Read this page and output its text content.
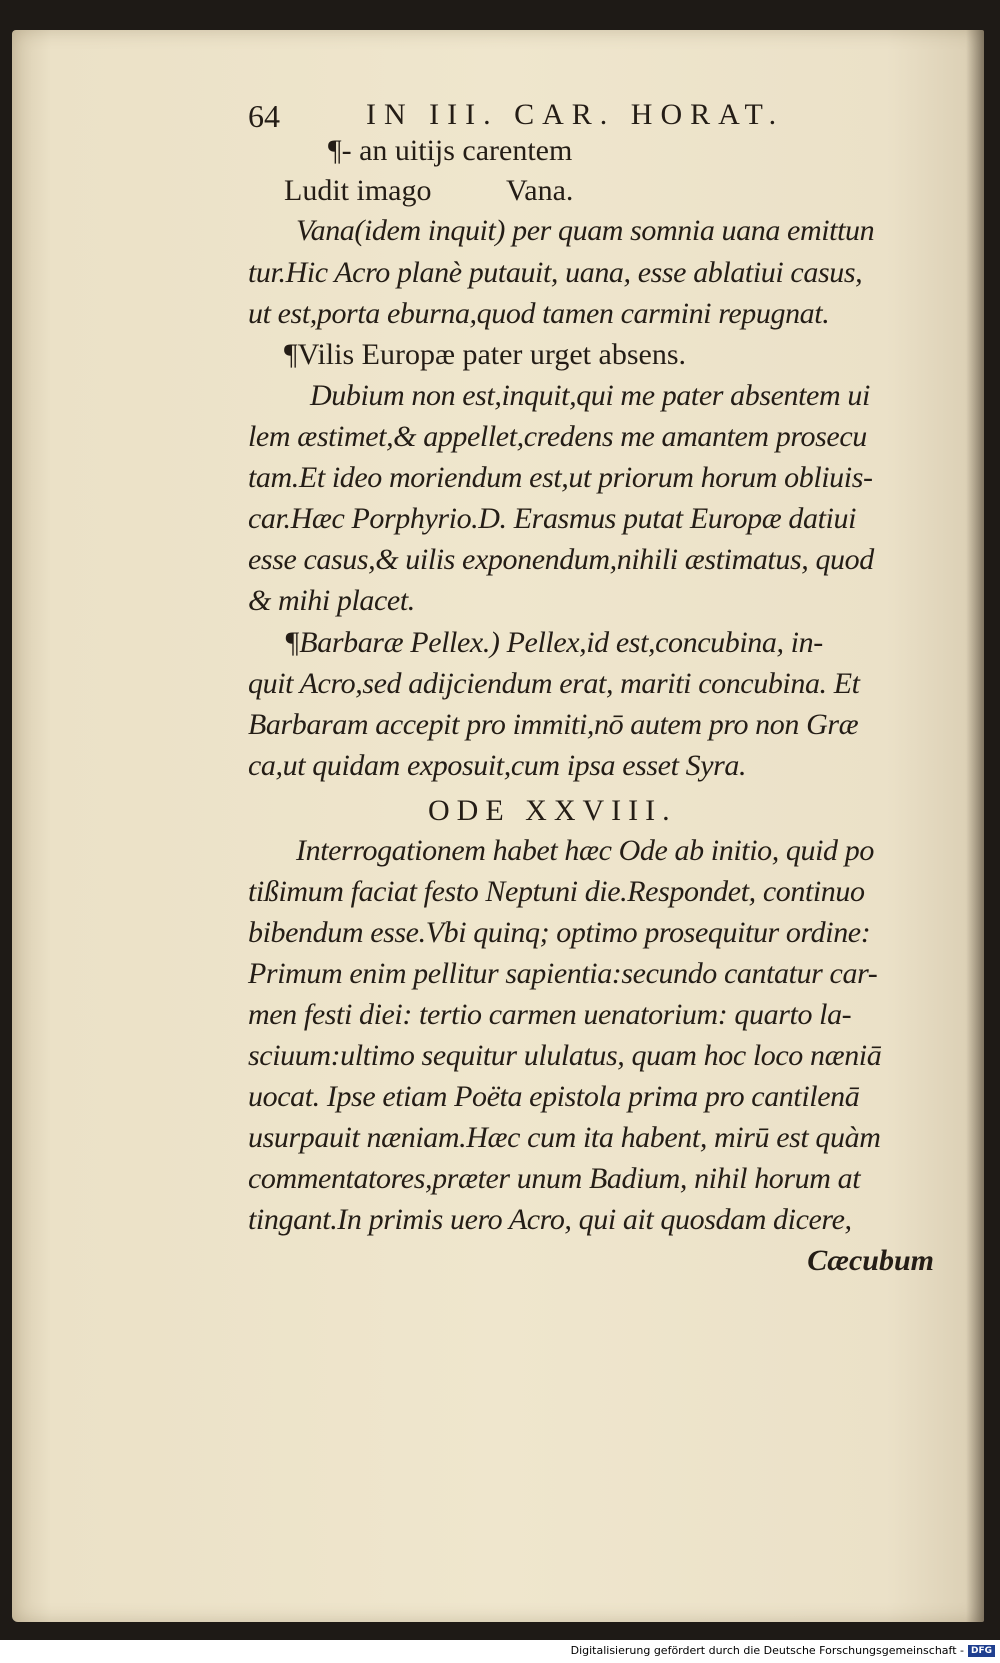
64	IN III. CAR. HORAT.
¶- an uitijs carentem
Ludit imago          Vana.
Vana(idem inquit) per quam somnia uana emittun
tur.Hic Acro planè putauit, uana, esse ablatiui casus,
ut est,porta eburna,quod tamen carmini repugnat.
¶Vilis Europæ pater urget absens.
Dubium non est,inquit,qui me pater absentem ui
lem æstimet,& appellet,credens me amantem prosecu
tam.Et ideo moriendum est,ut priorum horum obliuis-
car.Hæc Porphyrio.D. Erasmus putat Europæ datiui
esse casus,& uilis exponendum,nihili æstimatus, quod
& mihi placet.
¶Barbaræ Pellex.) Pellex,id est,concubina, in-
quit Acro,sed adijciendum erat, mariti concubina. Et
Barbaram accepit pro immiti,nō autem pro non Græ
ca,ut quidam exposuit,cum ipsa esset Syra.
ODE XXVIII.
Interrogationem habet hæc Ode ab initio, quid po
tißimum faciat festo Neptuni die.Respondet, continuo
bibendum esse.Vbi quinq; optimo prosequitur ordine:
Primum enim pellitur sapientia:secundo cantatur car-
men festi diei: tertio carmen uenatorium: quarto la-
sciuum:ultimo sequitur ululatus, quam hoc loco næniā
uocat. Ipse etiam Poëta epistola prima pro cantilenā
usurpauit næniam.Hæc cum ita habent, mirū est quàm
commentatores,præter unum Badium, nihil horum at
tingant.In primis uero Acro, qui ait quosdam dicere,
Cæcubum
Digitalisierung gefördert durch die Deutsche Forschungsgemeinschaft - DFG
